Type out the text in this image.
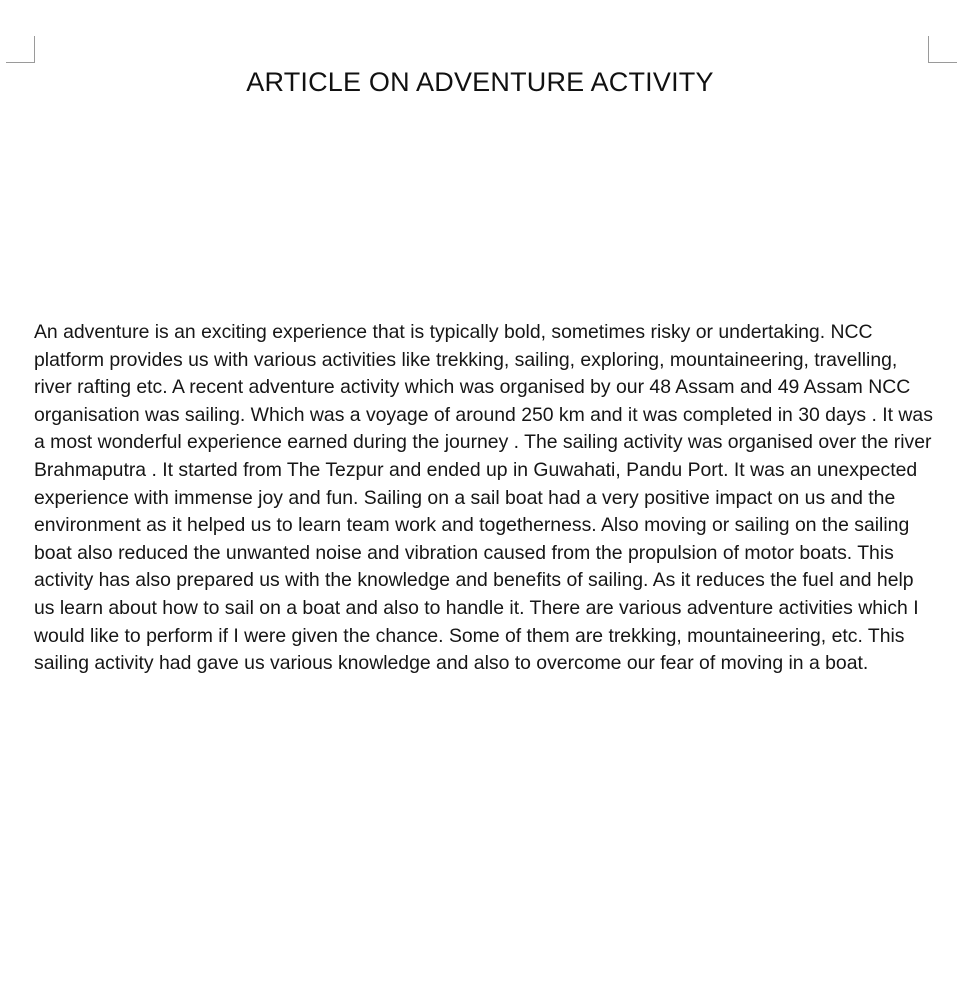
ARTICLE ON ADVENTURE ACTIVITY

An adventure is an exciting experience that is typically bold, sometimes risky or undertaking. NCC platform provides us with various activities like trekking, sailing, exploring, mountaineering, travelling, river rafting etc. A recent adventure activity which was organised by our 48 Assam and 49 Assam NCC organisation was sailing. Which was a voyage of around 250 km and it was completed in 30 days . It was a most wonderful experience earned during the journey . The sailing activity was organised over the river Brahmaputra . It started from The Tezpur and ended up in Guwahati, Pandu Port. It was an unexpected experience with immense joy and fun. Sailing on a sail boat had a very positive impact on us and the environment as it helped us to learn team work and togetherness. Also moving or sailing on the sailing boat also reduced the unwanted noise and vibration caused from the propulsion of motor boats. This activity has also prepared us with the knowledge and benefits of sailing. As it reduces the fuel and help us learn about how to sail on a boat and also to handle it. There are various adventure activities which I would like to perform if I were given the chance. Some of them are trekking, mountaineering, etc. This sailing activity had gave us various knowledge and also to overcome our fear of moving in a boat.
